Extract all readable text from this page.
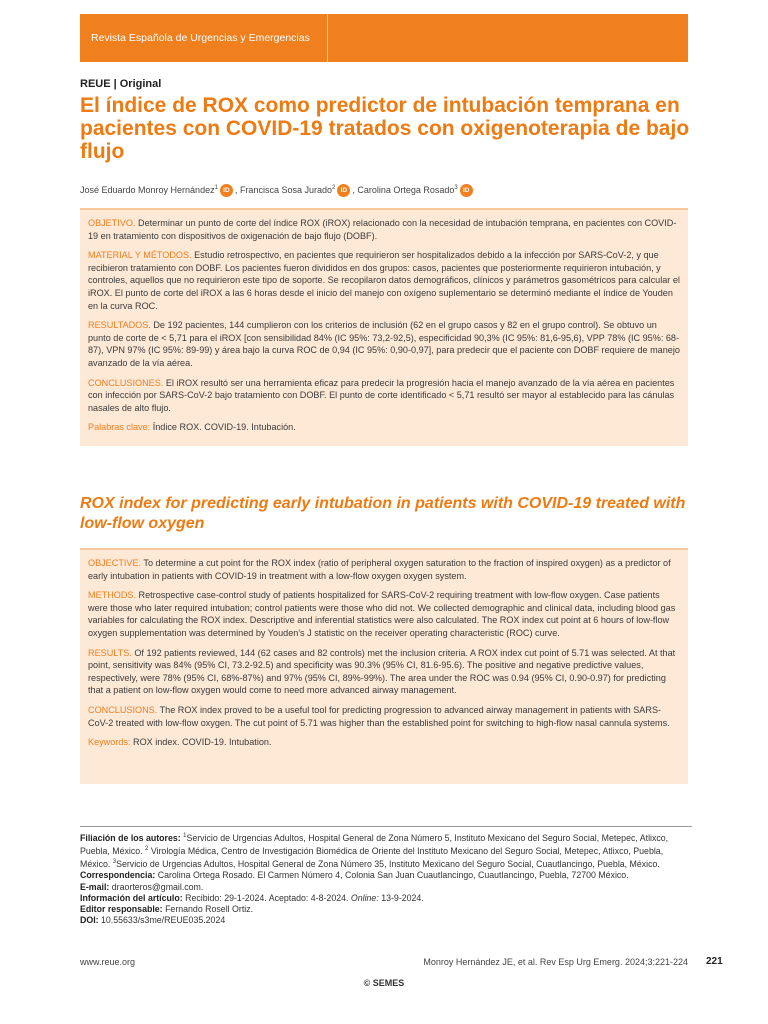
Revista Española de Urgencias y Emergencias
REUE | Original
El índice de ROX como predictor de intubación temprana en pacientes con COVID-19 tratados con oxigenoterapia de bajo flujo
José Eduardo Monroy Hernández$^1$ ID , Francisca Sosa Jurado$^2$ ID , Carolina Ortega Rosado$^3$ ID

OBJETIVO. Determinar un punto de corte del índice ROX (iROX) relacionado con la necesidad de intubación temprana, en pacientes con COVID-19 en tratamiento con dispositivos de oxigenación de bajo flujo (DOBF).

MATERIAL Y MÉTODOS. Estudio retrospectivo, en pacientes que requirieron ser hospitalizados debido a la infección por SARS-CoV-2, y que recibieron tratamiento con DOBF. Los pacientes fueron divididos en dos grupos: casos, pacientes que posteriormente requirieron intubación, y controles, aquellos que no requirieron este tipo de soporte. Se recopilaron datos demográficos, clínicos y parámetros gasométricos para calcular el iROX. El punto de corte del iROX a las 6 horas desde el inicio del manejo con oxígeno suplementario se determinó mediante el índice de Youden en la curva ROC.

RESULTADOS. De 192 pacientes, 144 cumplieron con los criterios de inclusión (62 en el grupo casos y 82 en el grupo control). Se obtuvo un punto de corte de < 5,71 para el iROX [con sensibilidad 84% (IC 95%: 73,2-92,5), especificidad 90,3% (IC 95%: 81,6-95,6), VPP 78% (IC 95%: 68-87), VPN 97% (IC 95%: 89-99) y área bajo la curva ROC de 0,94 (IC 95%: 0,90-0,97], para predecir que el paciente con DOBF requiere de manejo avanzado de la vía aérea.

CONCLUSIONES. El iROX resultó ser una herramienta eficaz para predecir la progresión hacia el manejo avanzado de la vía aérea en pacientes con infección por SARS-CoV-2 bajo tratamiento con DOBF. El punto de corte identificado < 5,71 resultó ser mayor al establecido para las cánulas nasales de alto flujo.

Palabras clave: Índice ROX. COVID-19. Intubación.

ROX index for predicting early intubation in patients with COVID-19 treated with low-flow oxygen

OBJECTIVE. To determine a cut point for the ROX index (ratio of peripheral oxygen saturation to the fraction of inspired oxygen) as a predictor of early intubation in patients with COVID-19 in treatment with a low-flow oxygen oxygen system.

METHODS. Retrospective case-control study of patients hospitalized for SARS-CoV-2 requiring treatment with low-flow oxygen. Case patients were those who later required intubation; control patients were those who did not. We collected demographic and clinical data, including blood gas variables for calculating the ROX index. Descriptive and inferential statistics were also calculated. The ROX index cut point at 6 hours of low-flow oxygen supplementation was determined by Youden's J statistic on the receiver operating characteristic (ROC) curve.

RESULTS. Of 192 patients reviewed, 144 (62 cases and 82 controls) met the inclusion criteria. A ROX index cut point of 5.71 was selected. At that point, sensitivity was 84% (95% CI, 73.2-92.5) and specificity was 90.3% (95% CI, 81.6-95.6). The positive and negative predictive values, respectively, were 78% (95% CI, 68%-87%) and 97% (95% CI, 89%-99%). The area under the ROC was 0.94 (95% CI, 0.90-0.97) for predicting that a patient on low-flow oxygen would come to need more advanced airway management.

CONCLUSIONS. The ROX index proved to be a useful tool for predicting progression to advanced airway management in patients with SARS-CoV-2 treated with low-flow oxygen. The cut point of 5.71 was higher than the established point for switching to high-flow nasal cannula systems.

Keywords: ROX index. COVID-19. Intubation.

Filiación de los autores: $^1$Servicio de Urgencias Adultos, Hospital General de Zona Número 5, Instituto Mexicano del Seguro Social, Metepec, Atlixco, Puebla, México. $^2$ Virología Médica, Centro de Investigación Biomédica de Oriente del Instituto Mexicano del Seguro Social, Metepec, Atlixco, Puebla, México. $^3$Servicio de Urgencias Adultos, Hospital General de Zona Número 35, Instituto Mexicano del Seguro Social, Cuautlancingo, Puebla, México.
Correspondencia: Carolina Ortega Rosado. El Carmen Número 4, Colonia San Juan Cuautlancingo, Cuautlancingo, Puebla, 72700 México.
E-mail: draorteros@gmail.com.
Información del artículo: Recibido: 29-1-2024. Aceptado: 4-8-2024. Online: 13-9-2024.
Editor responsable: Fernando Rosell Ortiz.
DOI: 10.55633/s3me/REUE035.2024
www.reue.org	Monroy Hernández JE, et al. Rev Esp Urg Emerg. 2024;3:221-224 221
© SEMES
